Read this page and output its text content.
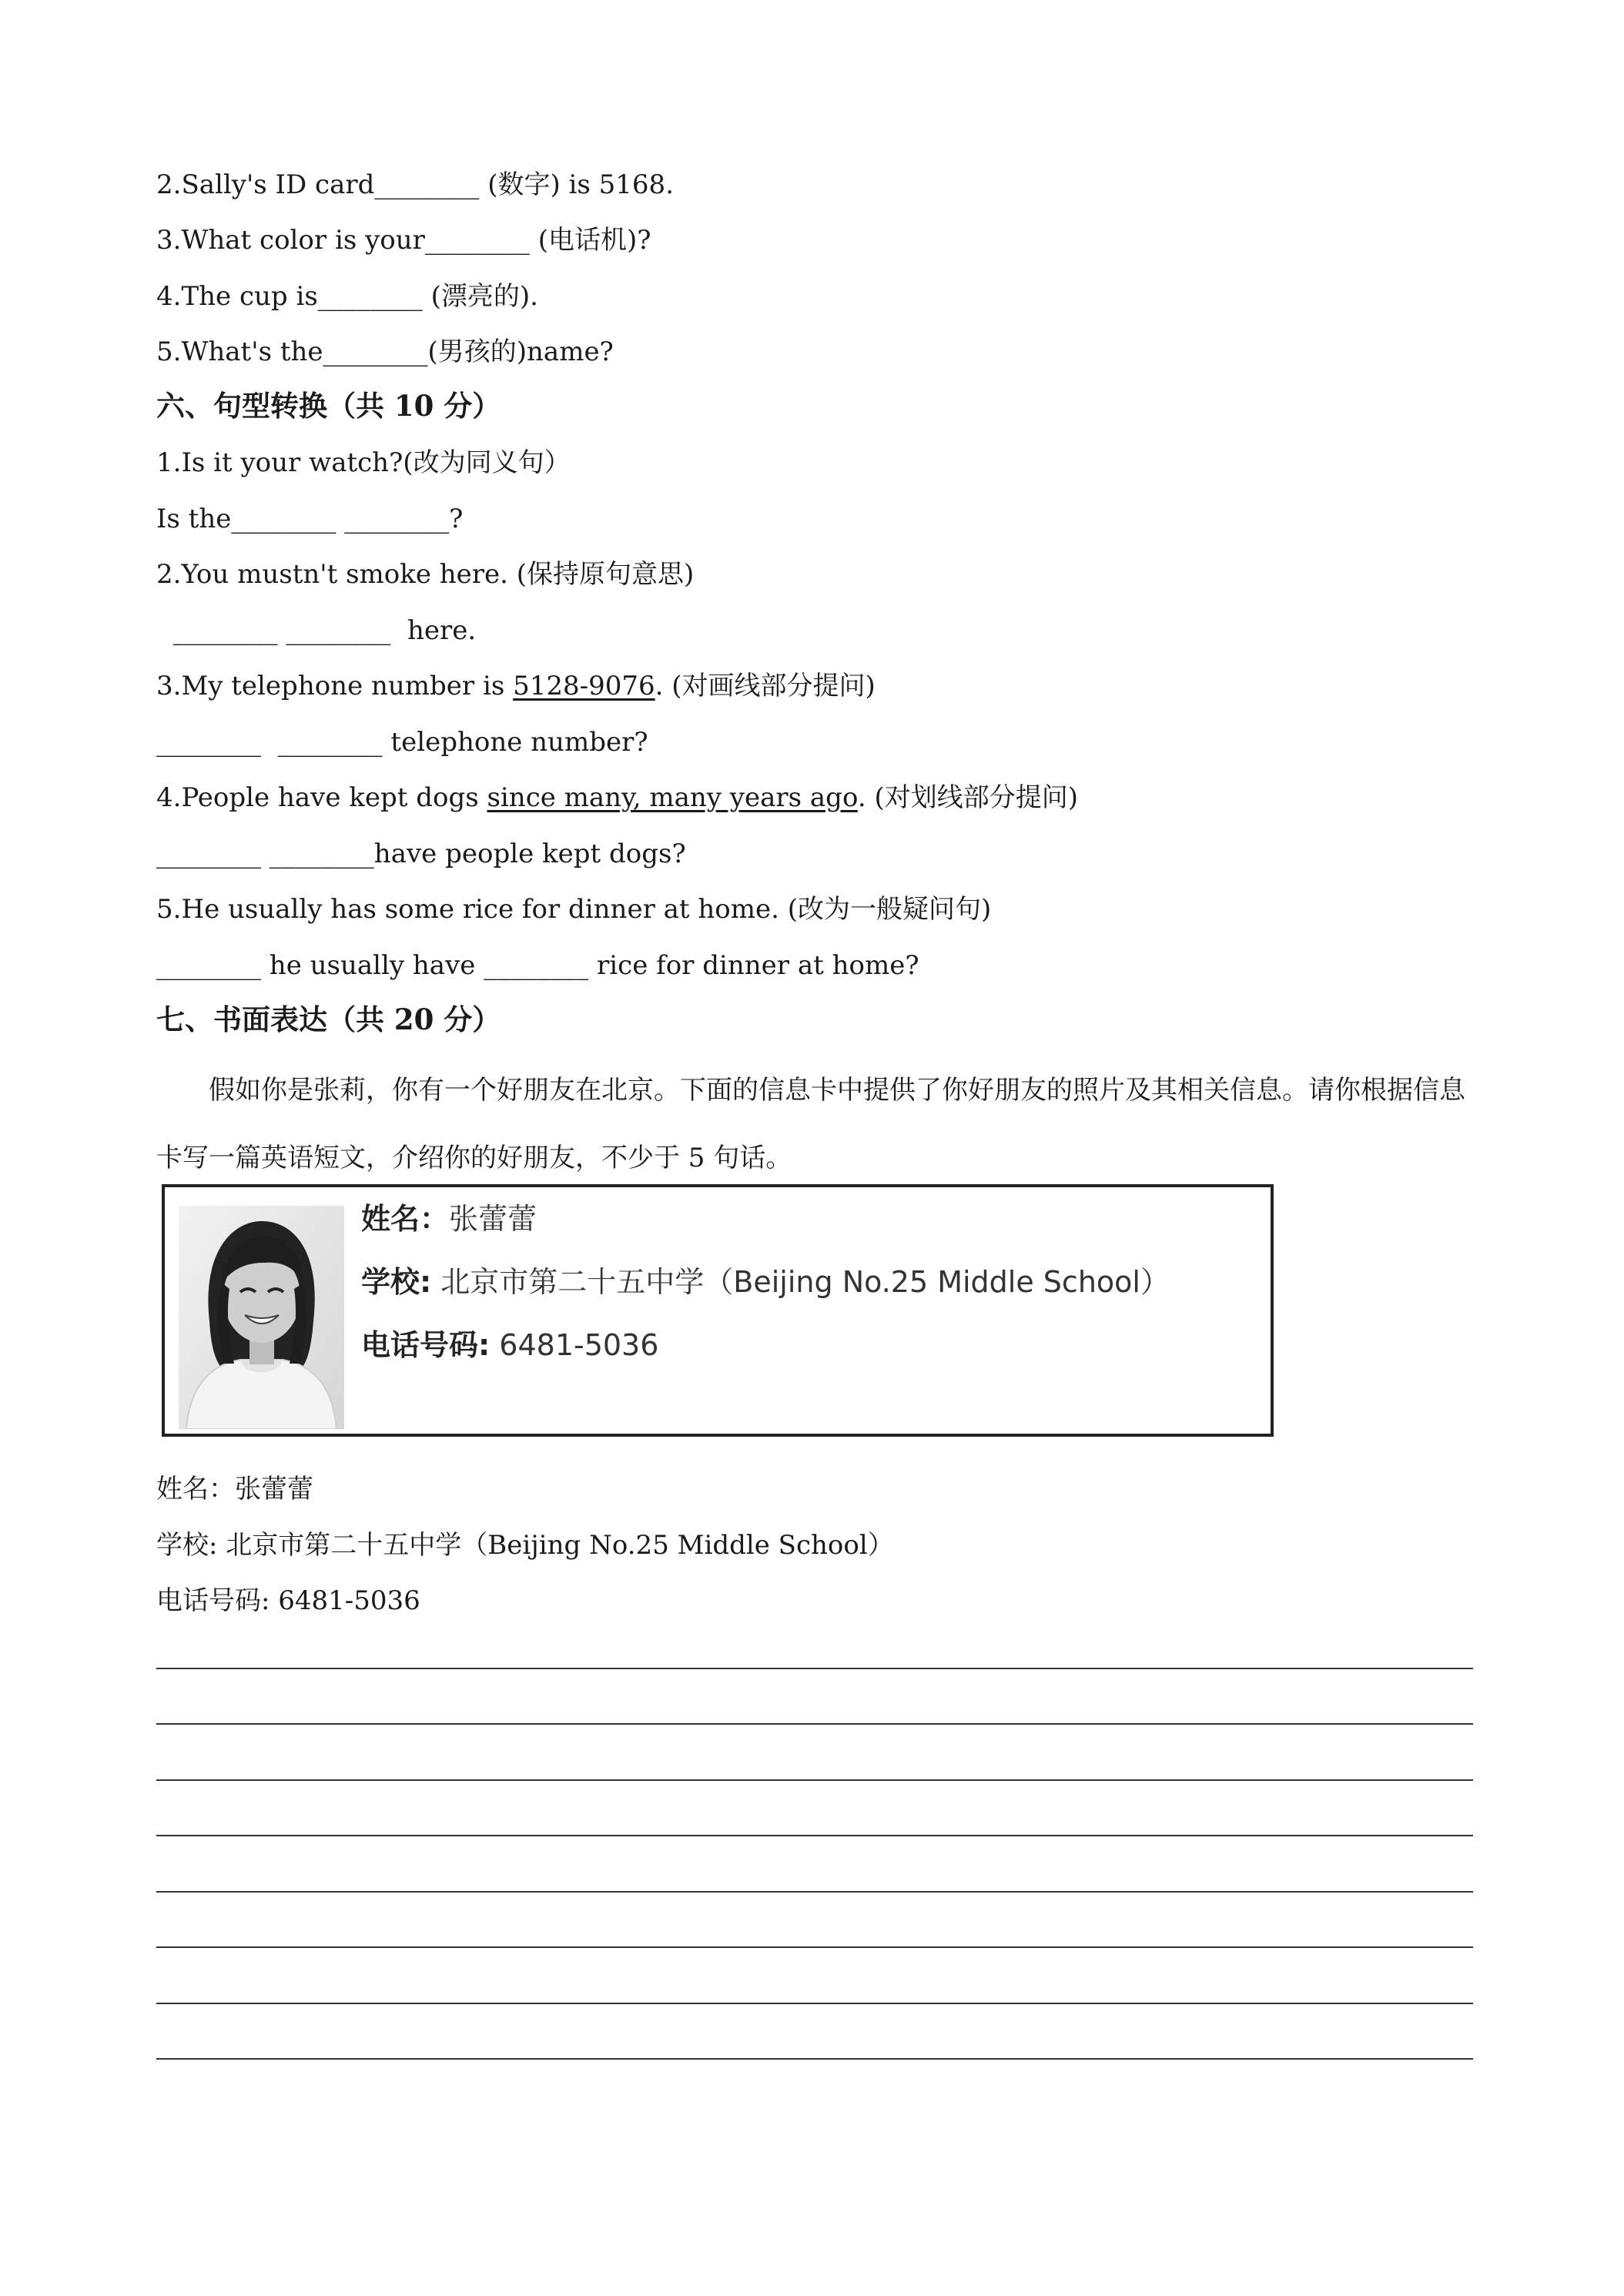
2.Sally's ID card________ (数字) is 5168.
3.What color is your________ (电话机)?
4.The cup is________ (漂亮的).
5.What's the________(男孩的)name?
六、句型转换（共 10 分）
1.Is it your watch?(改为同义句）
Is the________ ________?
2.You mustn't smoke here. (保持原句意思)
________ ________  here.
3.My telephone number is 5128-9076. (对画线部分提问)
________  ________ telephone number?
4.People have kept dogs since many, many years ago. (对划线部分提问)
________ ________have people kept dogs?
5.He usually has some rice for dinner at home. (改为一般疑问句)
________ he usually have ________ rice for dinner at home?
七、书面表达（共 20 分）
假如你是张莉，你有一个好朋友在北京。下面的信息卡中提供了你好朋友的照片及其相关信息。请你根据信息卡写一篇英语短文，介绍你的好朋友，不少于 5 句话。
姓名：张蕾蕾
学校: 北京市第二十五中学（Beijing No.25 Middle School）
电话号码: 6481-5036
姓名：张蕾蕾
学校: 北京市第二十五中学（Beijing No.25 Middle School）
电话号码: 6481-5036
